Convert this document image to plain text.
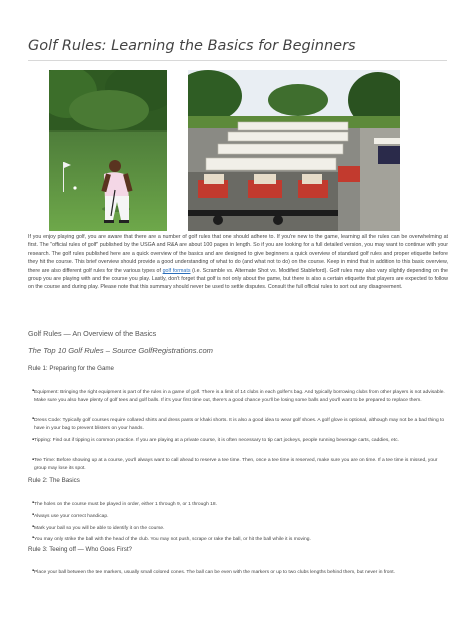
Golf Rules: Learning the Basics for Beginners
If you enjoy playing golf, you are aware that there are a number of golf rules that one should adhere to. If you're new to the game, learning all the rules can be overwhelming at first. The "official rules of golf" published by the USGA and R&A are about 100 pages in length. So if you are looking for a full detailed version, you may want to continue with your research. The golf rules published here are a quick overview of the basics and are designed to give beginners a quick overview of standard golf rules and proper etiquette before they hit the course. This brief overview should provide a good understanding of what to do (and what not to do) on the course. Keep in mind that in addition to this basic overview, there are also different golf rules for the various types of golf formats (i.e. Scramble vs. Alternate Shot vs. Modified Stableford). Golf rules may also vary slightly depending on the group you are playing with and the course you play. Lastly, don't forget that golf is not only about the game, but there is also a certain etiquette that players are expected to follow on the course and during play. Please note that this summary should never be used to settle disputes. Consult the full official rules to sort out any disagreement.
Golf Rules — An Overview of the Basics
The Top 10 Golf Rules – Source GolfRegistrations.com
Rule 1: Preparing for the Game
▪ Equipment: Bringing the right equipment is part of the rules in a game of golf. There is a limit of 14 clubs in each golfer's bag. And typically borrowing clubs from other players is not advisable. Make sure you also have plenty of golf tees and golf balls. If it's your first time out, there's a good chance you'll be losing some balls and you'll want to be prepared to replace them.
▪ Dress Code: Typically golf courses require collared shirts and dress pants or khaki shorts. It is also a good idea to wear golf shoes. A golf glove is optional, although may not be a bad thing to have in your bag to prevent blisters on your hands.
▪ Tipping: Find out if tipping is common practice. If you are playing at a private course, it is often necessary to tip cart jockeys, people running beverage carts, caddies, etc.
▪ Tee Time: Before showing up at a course, you'll always want to call ahead to reserve a tee time. Then, once a tee time is reserved, make sure you are on time. If a tee time is missed, your group may lose its spot.
Rule 2: The Basics
▪ The holes on the course must be played in order, either 1 through 9, or 1 through 18.
▪ Always use your correct handicap.
▪ Mark your ball so you will be able to identify it on the course.
▪ You may only strike the ball with the head of the club. You may not push, scrape or rake the ball, or hit the ball while it is moving.
Rule 3: Teeing off — Who Goes First?
▪ Place your ball between the tee markers, usually small colored cones. The ball can be even with the markers or up to two clubs lengths behind them, but never in front.
